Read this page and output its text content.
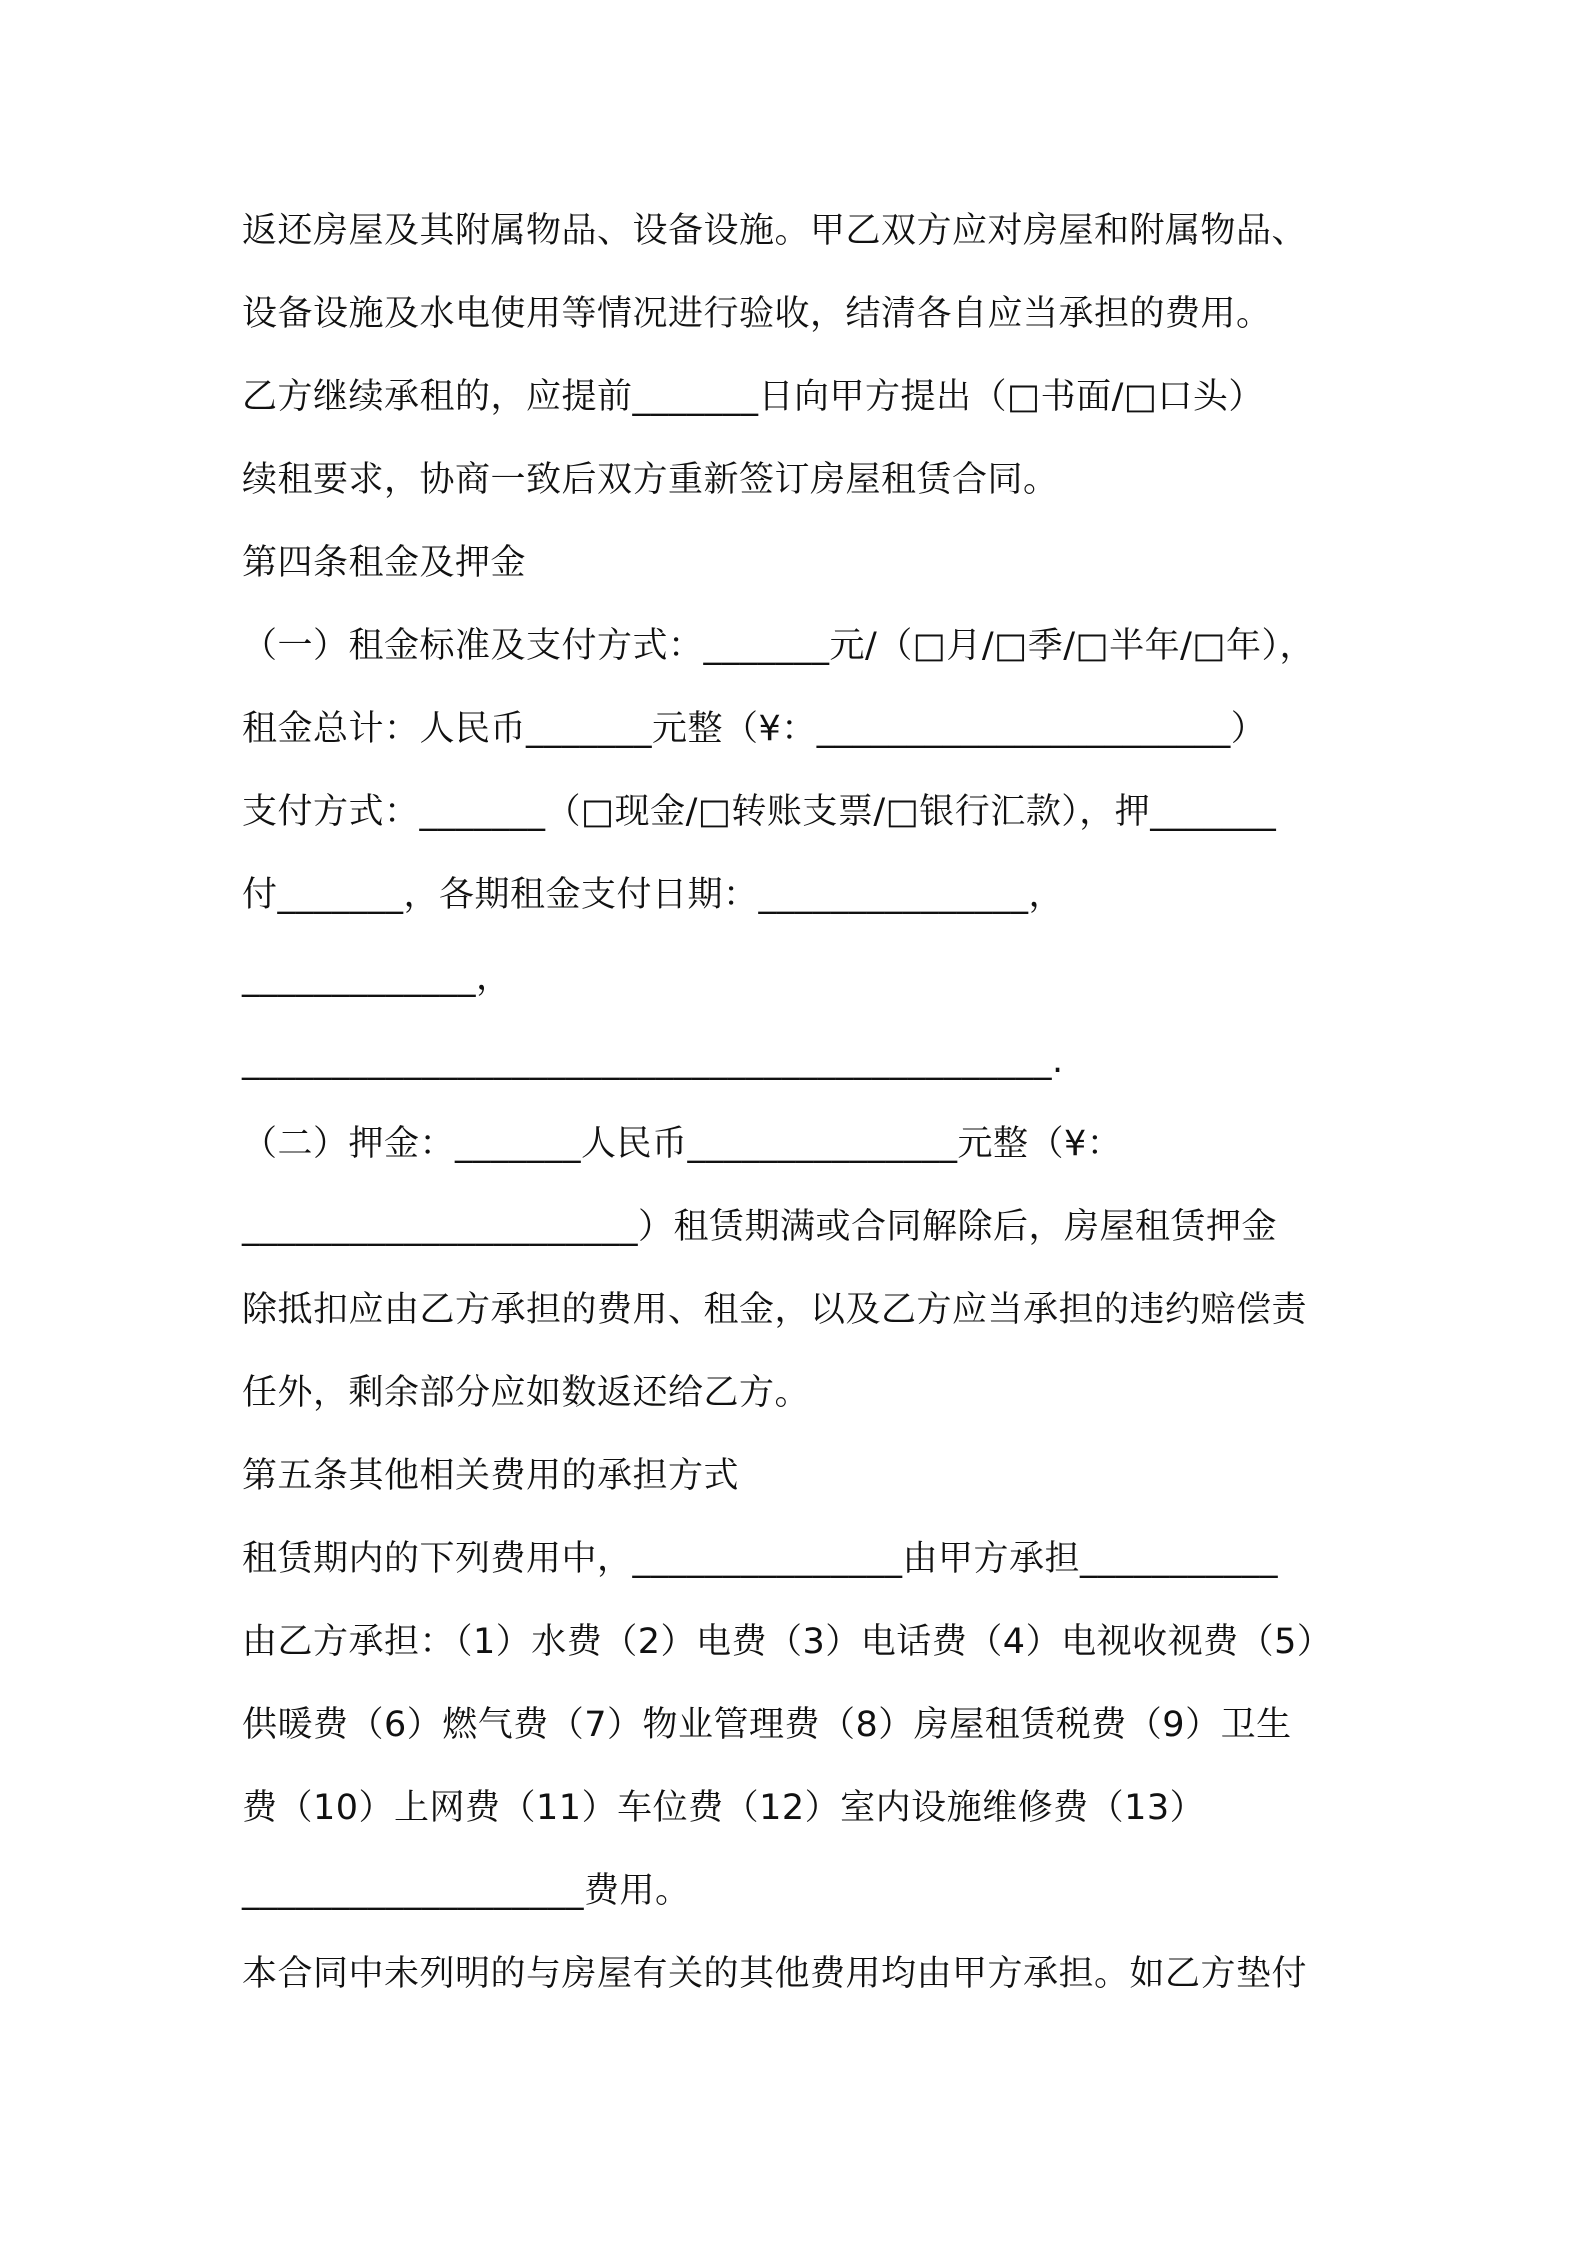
返还房屋及其附属物品、设备设施。甲乙双方应对房屋和附属物品、
设备设施及水电使用等情况进行验收，结清各自应当承担的费用。
乙方继续承租的，应提前_______日向甲方提出（□书面/□口头）
续租要求，协商一致后双方重新签订房屋租赁合同。
第四条租金及押金
（一）租金标准及支付方式：_______元/（□月/□季/□半年/□年），
租金总计：人民币_______元整（¥：_______________________）
支付方式：_______（□现金/□转账支票/□银行汇款），押_______
付_______，各期租金支付日期：_______________，
_____________，
_____________________________________________.
（二）押金：_______人民币_______________元整（¥：
______________________）租赁期满或合同解除后，房屋租赁押金
除抵扣应由乙方承担的费用、租金，以及乙方应当承担的违约赔偿责
任外，剩余部分应如数返还给乙方。
第五条其他相关费用的承担方式
租赁期内的下列费用中，_______________由甲方承担___________
由乙方承担：（1）水费（2）电费（3）电话费（4）电视收视费（5）
供暖费（6）燃气费（7）物业管理费（8）房屋租赁税费（9）卫生
费（10）上网费（11）车位费（12）室内设施维修费（13）
___________________费用。
本合同中未列明的与房屋有关的其他费用均由甲方承担。如乙方垫付
